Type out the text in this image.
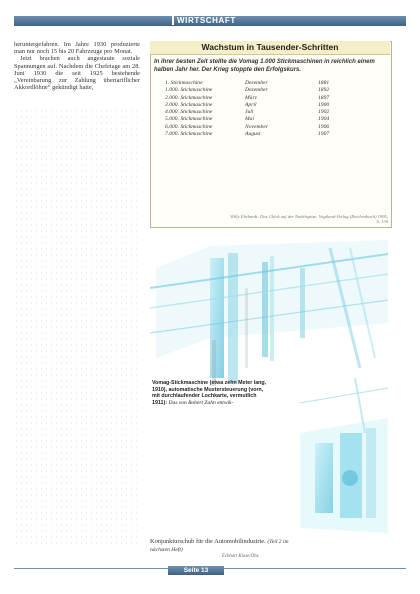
WIRTSCHAFT

heruntergefahren. Im Jahre 1930 produzierte man nur noch 15 bis 20 Fahrzeuge pro Monat.

Jetzt brachen auch angestaute soziale Spannungen auf. Nachdem die Chefetage am 28. Juni 1930 die seit 1925 bestehende „Vereinbarung zur Zahlung übertariflicher Akkordlöhne“ gekündigt hatte,

Wachstum in Tausender-Schritten
In ihrer besten Zeit stellte die Vomag 1.000 Stickmaschinen in reichlich einem halben Jahr her. Der Krieg stoppte den Erfolgskurs.
1. Stickmaschine	Dezember	1881
1.000. Stickmaschine	Dezember	1892
2.000. Stickmaschine	März	1897
3.000. Stickmaschine	April	1900
4.000. Stickmaschine	Juli	1902
5.000. Stickmaschine	Mai	1904
6.000. Stickmaschine	November	1906
7.000. Stickmaschine	August	1907
Willy Ehrhardt: Das Glück auf der Nadelspitze. Vogtland-Verlag (Reichenbach) 1995, S. 130
Vomag-Stickmaschine (etwa zehn Meter lang, 1910), automatische Mustersteuerung (vorn, mit durchlaufender Lochkarte, vermutlich 1911): Das von Robert Zahn entwik-
Konjunkturschub für die Automobilindustrie. (Teil 2 im nächsten Heft)
Eckhart Klose/Obs.
Seite 13
